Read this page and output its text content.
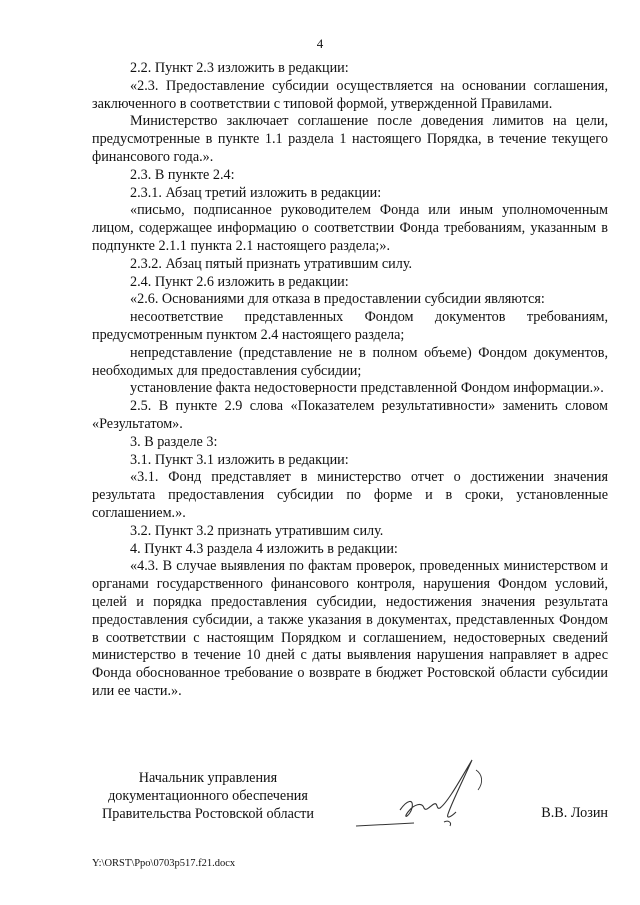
4

2.2. Пункт 2.3 изложить в редакции:

«2.3. Предоставление субсидии осуществляется на основании соглашения, заключенного в соответствии с типовой формой, утвержденной Правилами.

Министерство заключает соглашение после доведения лимитов на цели, предусмотренные в пункте 1.1 раздела 1 настоящего Порядка, в течение текущего финансового года.».

2.3. В пункте 2.4:

2.3.1. Абзац третий изложить в редакции:

«письмо, подписанное руководителем Фонда или иным уполномоченным лицом, содержащее информацию о соответствии Фонда требованиям, указанным в подпункте 2.1.1 пункта 2.1 настоящего раздела;».

2.3.2. Абзац пятый признать утратившим силу.

2.4. Пункт 2.6 изложить в редакции:

«2.6. Основаниями для отказа в предоставлении субсидии являются:

несоответствие представленных Фондом документов требованиям, предусмотренным пунктом 2.4 настоящего раздела;

непредставление (представление не в полном объеме) Фондом документов, необходимых для предоставления субсидии;

установление факта недостоверности представленной Фондом информации.».

2.5. В пункте 2.9 слова «Показателем результативности» заменить словом «Результатом».

3. В разделе 3:

3.1. Пункт 3.1 изложить в редакции:

«3.1. Фонд представляет в министерство отчет о достижении значения результата предоставления субсидии по форме и в сроки, установленные соглашением.».

3.2. Пункт 3.2 признать утратившим силу.

4. Пункт 4.3 раздела 4 изложить в редакции:

«4.3. В случае выявления по фактам проверок, проведенных министерством и органами государственного финансового контроля, нарушения Фондом условий, целей и порядка предоставления субсидии, недостижения значения результата предоставления субсидии, а также указания в документах, представленных Фондом в соответствии с настоящим Порядком и соглашением, недостоверных сведений министерство в течение 10 дней с даты выявления нарушения направляет в адрес Фонда обоснованное требование о возврате в бюджет Ростовской области субсидии или ее части.».

Начальник управления
документационного обеспечения
Правительства Ростовской области	В.В. Лозин
Y:\ORST\Ppo\0703p517.f21.docx
